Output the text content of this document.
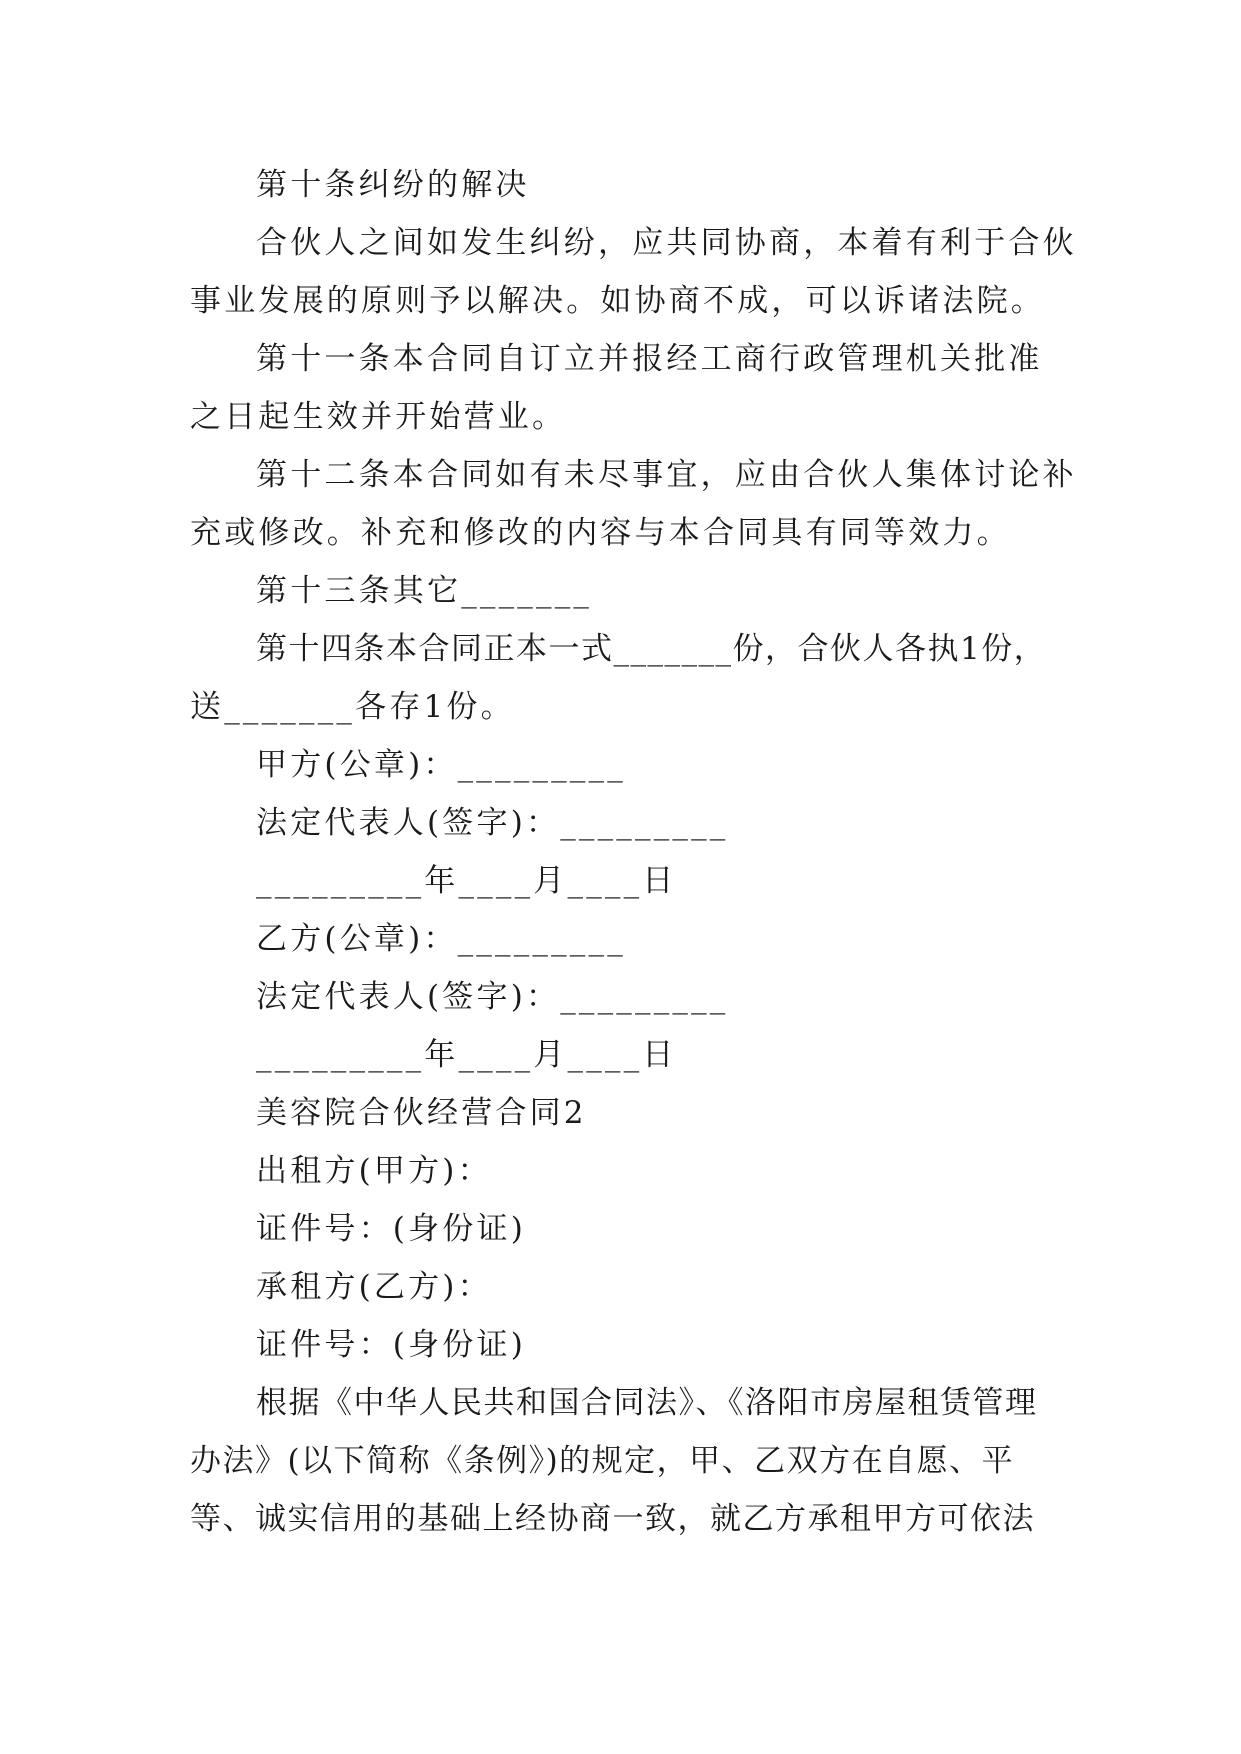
第十条纠纷的解决
合伙人之间如发生纠纷，应共同协商，本着有利于合伙
事业发展的原则予以解决。如协商不成，可以诉诸法院。
第十一条本合同自订立并报经工商行政管理机关批准
之日起生效并开始营业。
第十二条本合同如有未尽事宜，应由合伙人集体讨论补
充或修改。补充和修改的内容与本合同具有同等效力。
第十三条其它_______
第十四条本合同正本一式_______份，合伙人各执1份，
送_______各存1份。
甲方(公章)：_________
法定代表人(签字)：_________
_________年____月____日
乙方(公章)：_________
法定代表人(签字)：_________
_________年____月____日
美容院合伙经营合同2
出租方(甲方)：
证件号：(身份证)
承租方(乙方)：
证件号：(身份证)
根据《中华人民共和国合同法》、《洛阳市房屋租赁管理
办法》(以下简称《条例》)的规定，甲、乙双方在自愿、平
等、诚实信用的基础上经协商一致，就乙方承租甲方可依法
